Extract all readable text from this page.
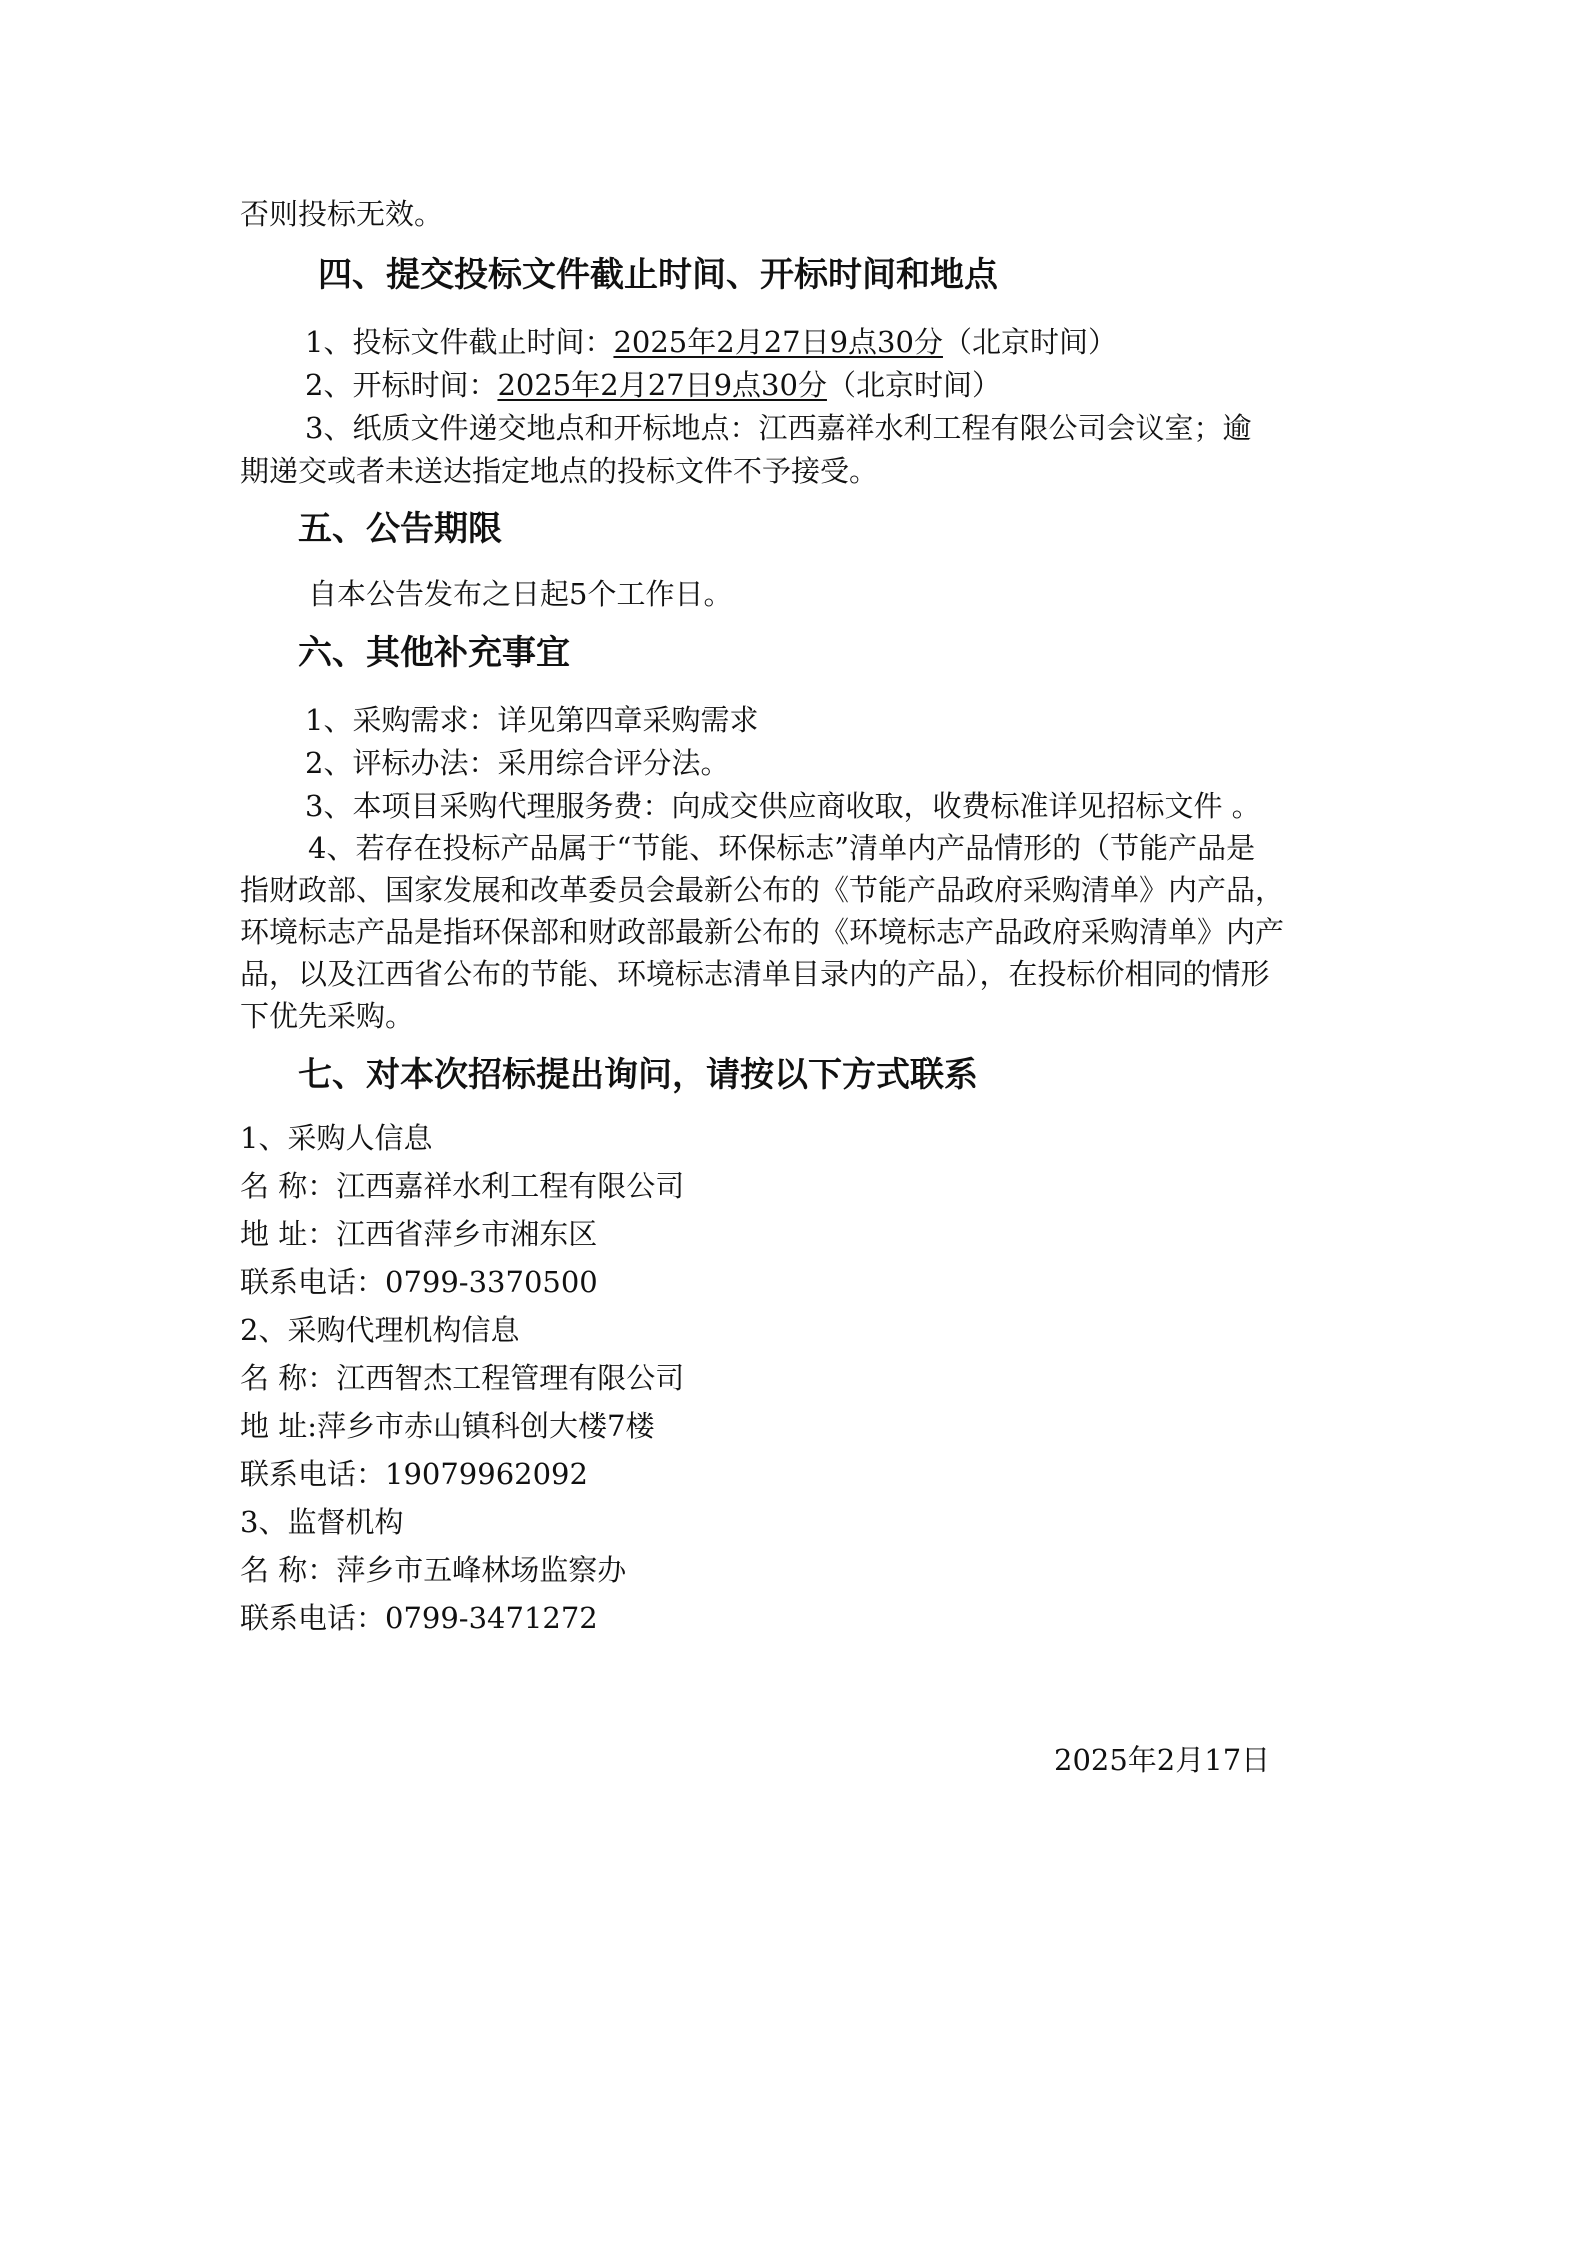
否则投标无效。
四、提交投标文件截止时间、开标时间和地点
1、投标文件截止时间：2025年2月27日9点30分（北京时间）
2、开标时间：2025年2月27日9点30分（北京时间）
3、纸质文件递交地点和开标地点：江西嘉祥水利工程有限公司会议室；逾
期递交或者未送达指定地点的投标文件不予接受。
五、公告期限
自本公告发布之日起5个工作日。
六、其他补充事宜
1、采购需求：详见第四章采购需求
2、评标办法：采用综合评分法。
3、本项目采购代理服务费：向成交供应商收取，收费标准详见招标文件 。
4、若存在投标产品属于“节能、环保标志”清单内产品情形的（节能产品是
指财政部、国家发展和改革委员会最新公布的《节能产品政府采购清单》内产品，
环境标志产品是指环保部和财政部最新公布的《环境标志产品政府采购清单》内产
品，以及江西省公布的节能、环境标志清单目录内的产品），在投标价相同的情形
下优先采购。
七、对本次招标提出询问，请按以下方式联系
1、采购人信息
名 称：江西嘉祥水利工程有限公司
地 址：江西省萍乡市湘东区
联系电话：0799-3370500
2、采购代理机构信息
名 称：江西智杰工程管理有限公司
地 址:萍乡市赤山镇科创大楼7楼
联系电话：19079962092
3、监督机构
名 称：萍乡市五峰林场监察办
联系电话：0799-3471272
2025年2月17日
